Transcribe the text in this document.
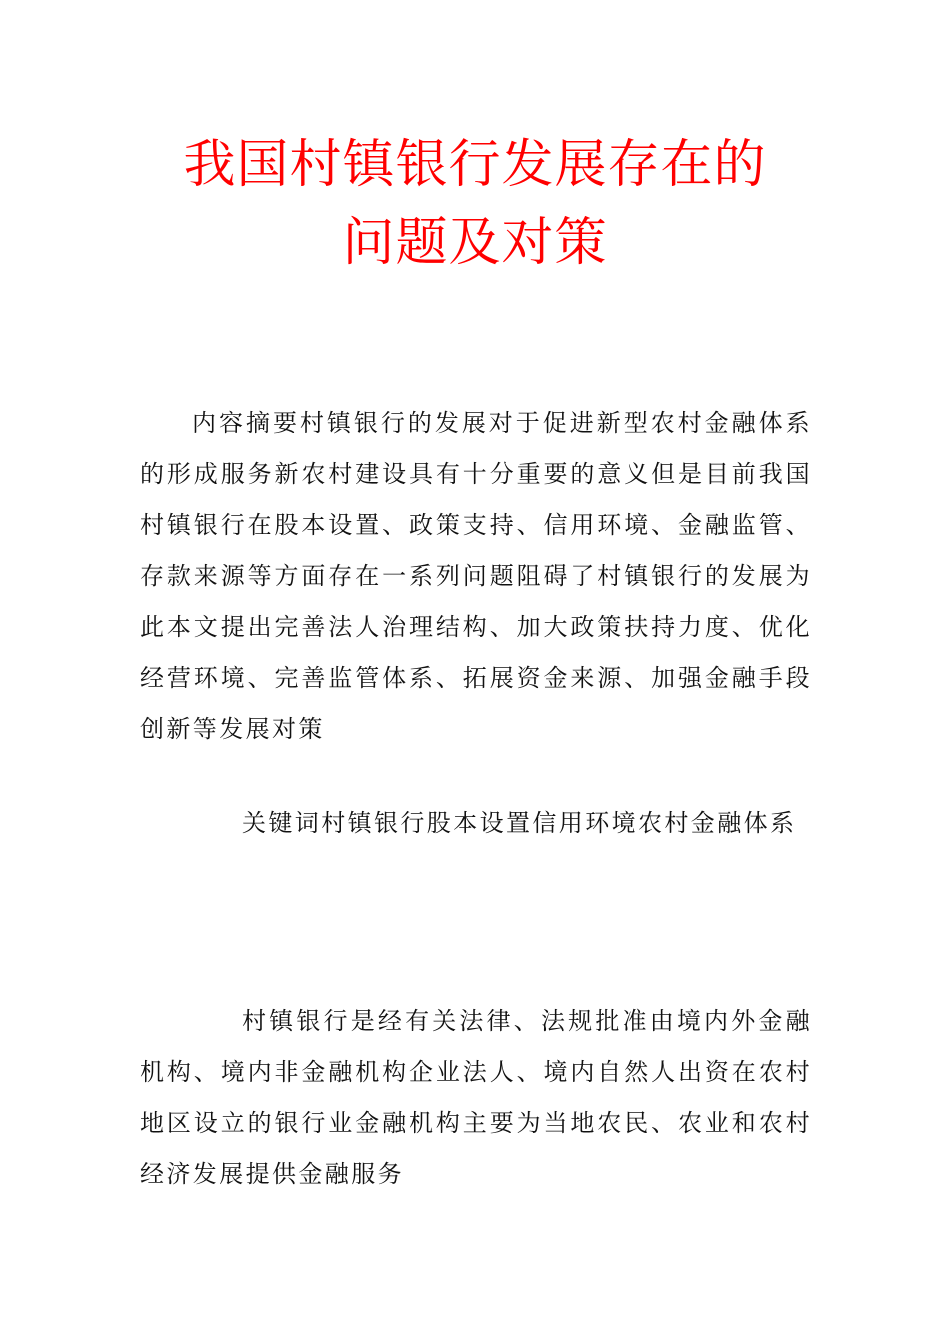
我国村镇银行发展存在的
问题及对策

内容摘要村镇银行的发展对于促进新型农村金融体系的形成服务新农村建设具有十分重要的意义但是目前我国村镇银行在股本设置、政策支持、信用环境、金融监管、存款来源等方面存在一系列问题阻碍了村镇银行的发展为此本文提出完善法人治理结构、加大政策扶持力度、优化经营环境、完善监管体系、拓展资金来源、加强金融手段创新等发展对策

关键词村镇银行股本设置信用环境农村金融体系

村镇银行是经有关法律、法规批准由境内外金融机构、境内非金融机构企业法人、境内自然人出资在农村地区设立的银行业金融机构主要为当地农民、农业和农村经济发展提供金融服务
